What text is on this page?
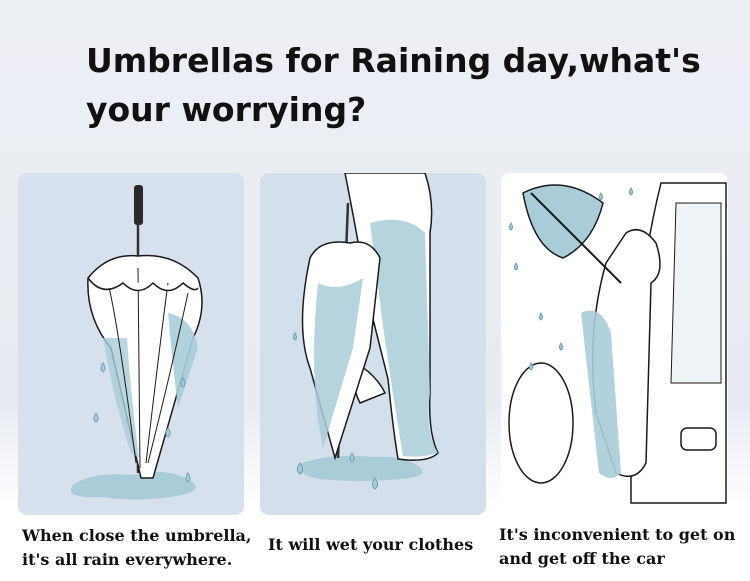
Umbrellas for Raining day,what's
your worrying?

When close the umbrella,
it's all rain everywhere.

It will wet your clothes

It's inconvenient to get on
and get off the car
